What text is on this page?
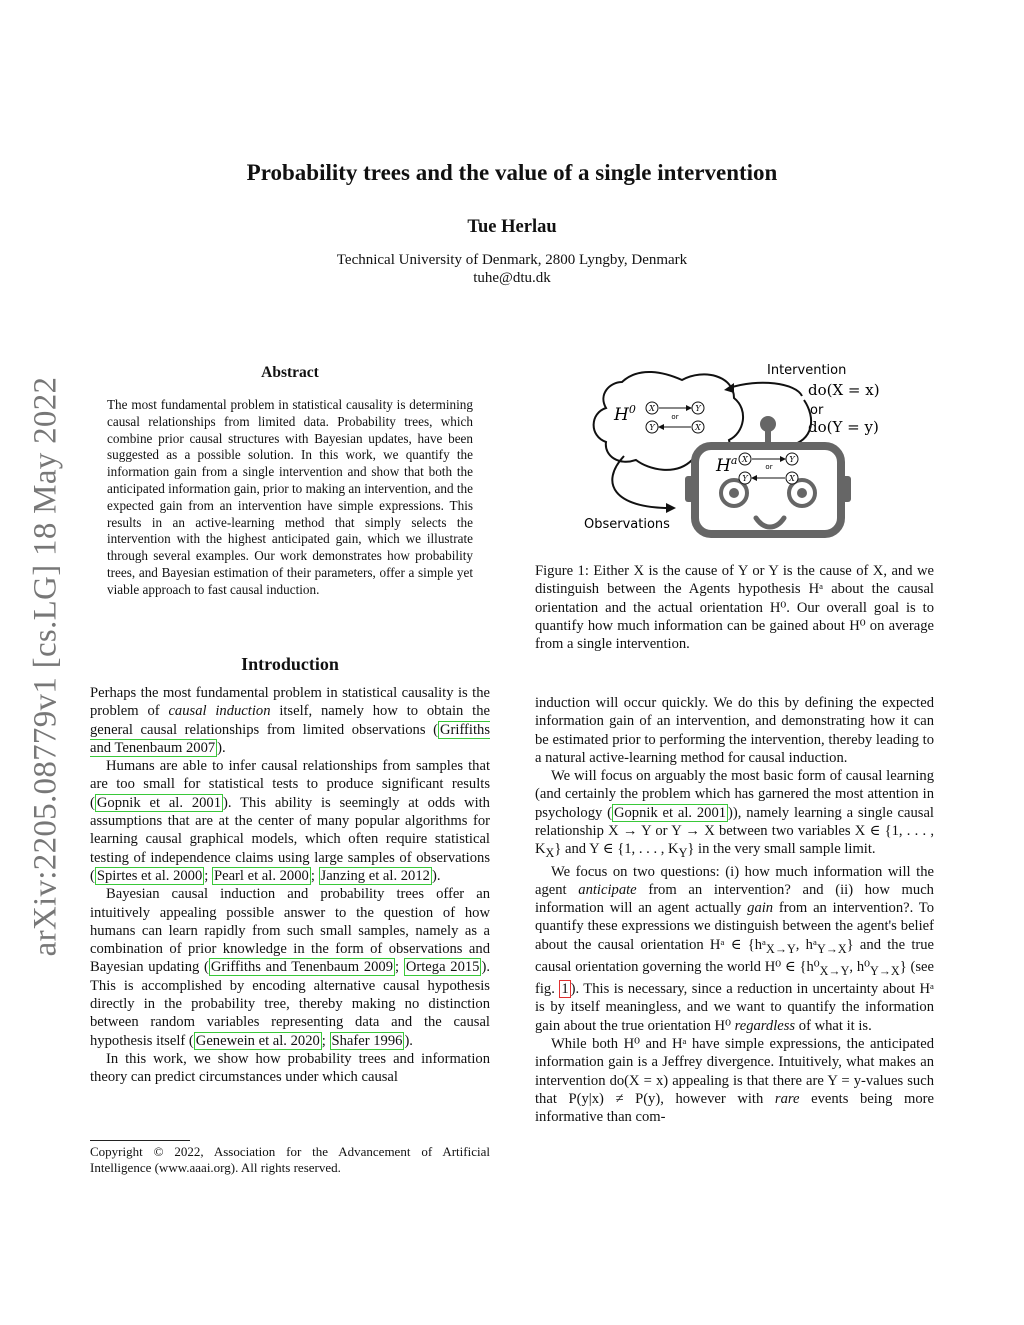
arXiv:2205.08779v1 [cs.LG] 18 May 2022
Probability trees and the value of a single intervention
Tue Herlau
Technical University of Denmark, 2800 Lyngby, Denmark
tuhe@dtu.dk
Abstract
The most fundamental problem in statistical causality is determining causal relationships from limited data. Probability trees, which combine prior causal structures with Bayesian updates, have been suggested as a possible solution. In this work, we quantify the information gain from a single intervention and show that both the anticipated information gain, prior to making an intervention, and the expected gain from an intervention have simple expressions. This results in an active-learning method that simply selects the intervention with the highest anticipated gain, which we illustrate through several examples. Our work demonstrates how probability trees, and Bayesian estimation of their parameters, offer a simple yet viable approach to fast causal induction.
$H^0$ X	Y
or
Y	X
Intervention
do(X = x)
or
do(Y = y)
Observations
$H^a$ X	Y
or
Y	X
Figure 1: Either X is the cause of Y or Y is the cause of X, and we distinguish between the Agents hypothesis Hᵃ about the causal orientation and the actual orientation H⁰. Our overall goal is to quantify how much information can be gained about H⁰ on average from a single intervention.
Introduction

Perhaps the most fundamental problem in statistical causality is the problem of causal induction itself, namely how to obtain the general causal relationships from limited observations ( Griffiths and Tenenbaum 2007 ).

Humans are able to infer causal relationships from samples that are too small for statistical tests to produce significant results ( Gopnik et al. 2001 ). This ability is seemingly at odds with assumptions that are at the center of many popular algorithms for learning causal graphical models, which often require statistical testing of independence claims using large samples of observations ( Spirtes et al. 2000 ; Pearl et al. 2000 ; Janzing et al. 2012 ).

Bayesian causal induction and probability trees offer an intuitively appealing possible answer to the question of how humans can learn rapidly from such small samples, namely as a combination of prior knowledge in the form of observations and Bayesian updating ( Griffiths and Tenenbaum 2009 ; Ortega 2015 ). This is accomplished by encoding alternative causal hypothesis directly in the probability tree, thereby making no distinction between random variables representing data and the causal hypothesis itself ( Genewein et al. 2020 ; Shafer 1996 ).

In this work, we show how probability trees and information theory can predict circumstances under which causal

Copyright © 2022, Association for the Advancement of Artificial Intelligence (www.aaai.org). All rights reserved.

induction will occur quickly. We do this by defining the expected information gain of an intervention, and demonstrating how it can be estimated prior to performing the intervention, thereby leading to a natural active-learning method for causal induction.

We will focus on arguably the most basic form of causal learning (and certainly the problem which has garnered the most attention in psychology ( Gopnik et al. 2001 )), namely learning a single causal relationship X → Y or Y → X between two variables X ∈ {1, . . . , $K_X$} and Y ∈ {1, . . . , $K_Y$} in the very small sample limit.

We focus on two questions: (i) how much information will the agent anticipate from an intervention? and (ii) how much information will an agent actually gain from an intervention?. To quantify these expressions we distinguish between the agent's belief about the causal orientation Hᵃ ∈ {hᵃ$_{X\to Y}$, hᵃ$_{Y\to X}$} and the true causal orientation governing the world H⁰ ∈ {$h^0_{X\to Y}$, $h^0_{Y\to X}$} (see fig. 1 ). This is necessary, since a reduction in uncertainty about Hᵃ is by itself meaningless, and we want to quantify the information gain about the true orientation H⁰ regardless of what it is.

While both H⁰ and Hᵃ have simple expressions, the anticipated information gain is a Jeffrey divergence. Intuitively, what makes an intervention do(X = x) appealing is that there are Y = y-values such that P(y|x) ≠ P(y), however with rare events being more informative than com-
